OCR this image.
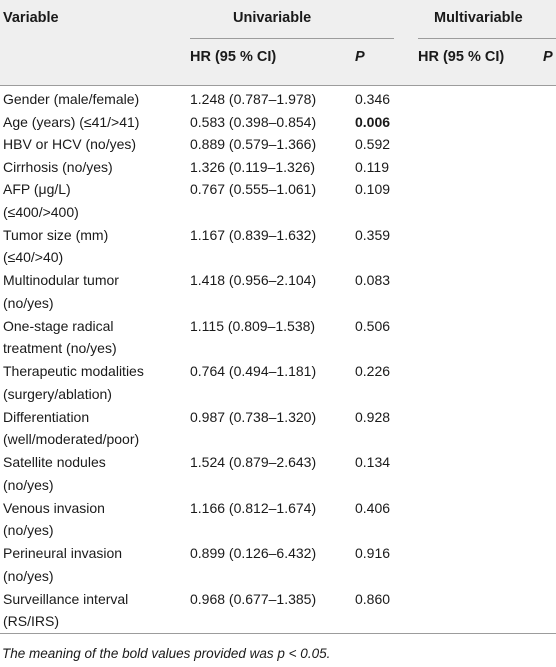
Variable	Univariable	Multivariable
HR (95 % CI)	P	HR (95 % CI)	P
Gender (male/female)	1.248 (0.787–1.978)	0.346
Age (years) (≤41/>41)	0.583 (0.398–0.854)	0.006
HBV or HCV (no/yes)	0.889 (0.579–1.366)	0.592
Cirrhosis (no/yes)	1.326 (0.119–1.326)	0.119
AFP (μg/L)
(≤400/>400)
0.767 (0.555–1.061)	0.109
Tumor size (mm)
(≤40/>40)
1.167 (0.839–1.632)	0.359
Multinodular tumor
(no/yes)
1.418 (0.956–2.104)	0.083
One-stage radical
treatment (no/yes)
1.115 (0.809–1.538)	0.506
Therapeutic modalities
(surgery/ablation)
0.764 (0.494–1.181)	0.226
Differentiation
(well/moderated/poor)
0.987 (0.738–1.320)	0.928
Satellite nodules
(no/yes)
1.524 (0.879–2.643)	0.134
Venous invasion
(no/yes)
1.166 (0.812–1.674)	0.406
Perineural invasion
(no/yes)
0.899 (0.126–6.432)	0.916
Surveillance interval
(RS/IRS)
0.968 (0.677–1.385)	0.860
The meaning of the bold values provided was p < 0.05.
